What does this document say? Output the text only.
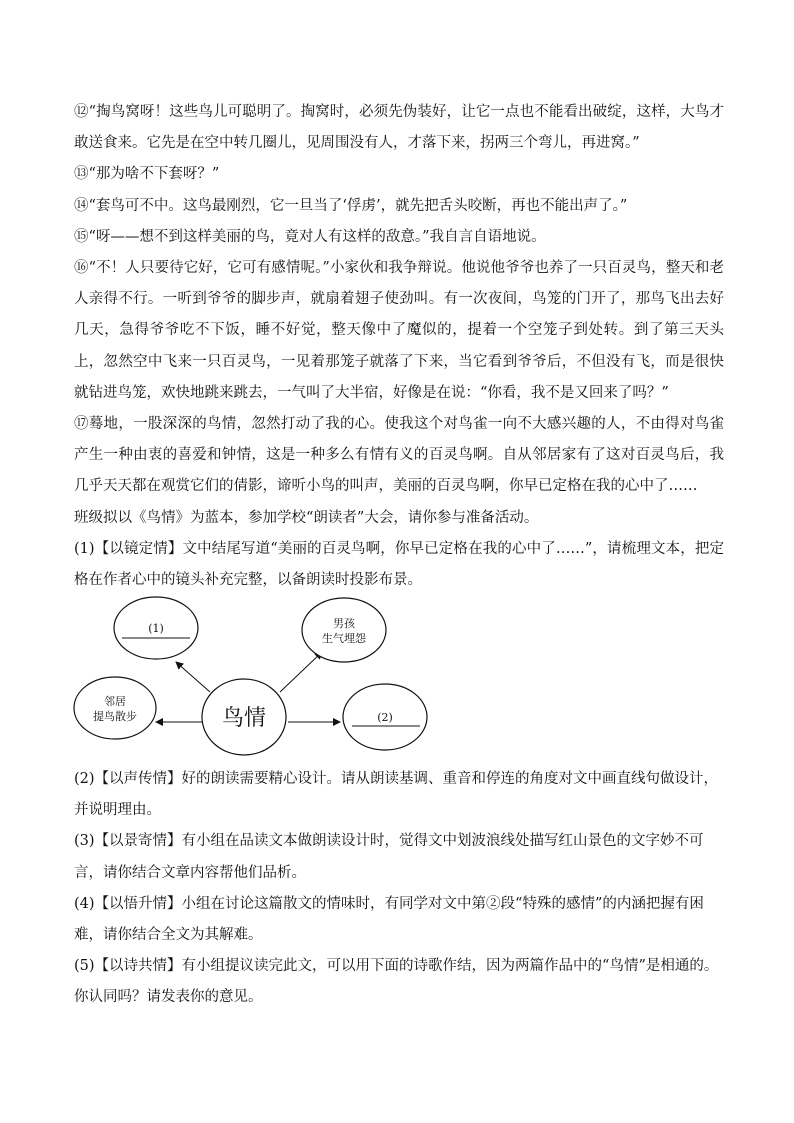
⑫“掏鸟窝呀！这些鸟儿可聪明了。掏窝时，必须先伪装好，让它一点也不能看出破绽，这样，大鸟才敢送食来。它先是在空中转几圈儿，见周围没有人，才落下来，拐两三个弯儿，再进窝。”

⑬“那为啥不下套呀？”

⑭“套鸟可不中。这鸟最刚烈，它一旦当了‘俘虏’，就先把舌头咬断，再也不能出声了。”

⑮“呀——想不到这样美丽的鸟，竟对人有这样的敌意。”我自言自语地说。

⑯“不！人只要待它好，它可有感情呢。”小家伙和我争辩说。他说他爷爷也养了一只百灵鸟，整天和老人亲得不行。一听到爷爷的脚步声，就扇着翅子使劲叫。有一次夜间，鸟笼的门开了，那鸟飞出去好几天，急得爷爷吃不下饭，睡不好觉，整天像中了魔似的，提着一个空笼子到处转。到了第三天头上，忽然空中飞来一只百灵鸟，一见着那笼子就落了下来，当它看到爷爷后，不但没有飞，而是很快就钻进鸟笼，欢快地跳来跳去，一气叫了大半宿，好像是在说：“你看，我不是又回来了吗？”

⑰蓦地，一股深深的鸟情，忽然打动了我的心。使我这个对鸟雀一向不大感兴趣的人，不由得对鸟雀产生一种由衷的喜爱和钟情，这是一种多么有情有义的百灵鸟啊。自从邻居家有了这对百灵鸟后，我几乎天天都在观赏它们的倩影，谛听小鸟的叫声，美丽的百灵鸟啊，你早已定格在我的心中了……

班级拟以《鸟情》为蓝本，参加学校“朗读者”大会，请你参与准备活动。

(1)【以镜定情】文中结尾写道“美丽的百灵鸟啊，你早已定格在我的心中了……”，请梳理文本，把定格在作者心中的镜头补充完整，以备朗读时投影布景。

鸟情
(1)	男孩
生气埋怨
邻居
提鸟散步	(2)

(2)【以声传情】好的朗读需要精心设计。请从朗读基调、重音和停连的角度对文中画直线句做设计，并说明理由。

(3)【以景寄情】有小组在品读文本做朗读设计时，觉得文中划波浪线处描写红山景色的文字妙不可言，请你结合文章内容帮他们品析。

(4)【以悟升情】小组在讨论这篇散文的情味时，有同学对文中第②段“特殊的感情”的内涵把握有困难，请你结合全文为其解难。

(5)【以诗共情】有小组提议读完此文，可以用下面的诗歌作结，因为两篇作品中的“鸟情”是相通的。你认同吗？请发表你的意见。
